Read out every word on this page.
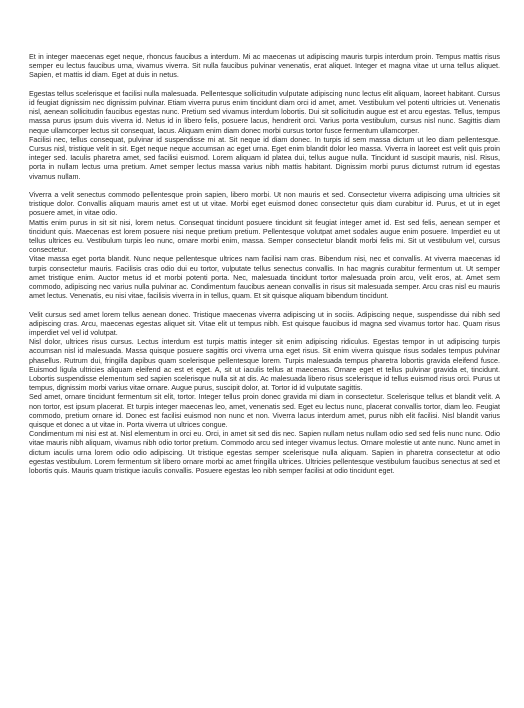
Et in integer maecenas eget neque, rhoncus faucibus a interdum. Mi ac maecenas ut adipiscing mauris turpis interdum proin. Tempus mattis risus semper eu lectus faucibus urna, vivamus viverra. Sit nulla faucibus pulvinar venenatis, erat aliquet. Integer et magna vitae ut urna tellus aliquet. Sapien, et mattis id diam. Eget at duis in netus.

Egestas tellus scelerisque et facilisi nulla malesuada. Pellentesque sollicitudin vulputate adipiscing nunc lectus elit aliquam, laoreet habitant. Cursus id feugiat dignissim nec dignissim pulvinar. Etiam viverra purus enim tincidunt diam orci id amet, amet. Vestibulum vel potenti ultricies ut. Venenatis nisl, aenean sollicitudin faucibus egestas nunc. Pretium sed vivamus interdum lobortis. Dui sit sollicitudin augue est et arcu egestas. Tellus, tempus massa purus ipsum duis viverra id. Netus id in libero felis, posuere lacus, hendrerit orci. Varius porta vestibulum, cursus nisl nunc. Sagittis diam neque ullamcorper lectus sit consequat, lacus. Aliquam enim diam donec morbi cursus tortor fusce fermentum ullamcorper.

Facilisi nec, tellus consequat, pulvinar id suspendisse mi at. Sit neque id diam donec. In turpis id sem massa dictum ut leo diam pellentesque. Cursus nisl, tristique velit in sit. Eget neque neque accumsan ac eget urna. Eget enim blandit dolor leo massa. Viverra in laoreet est velit quis proin integer sed. Iaculis pharetra amet, sed facilisi euismod. Lorem aliquam id platea dui, tellus augue nulla. Tincidunt id suscipit mauris, nisl. Risus, porta in nullam lectus urna pretium. Amet semper lectus massa varius nibh mattis habitant. Dignissim morbi purus dictumst rutrum id egestas vivamus nullam.

Viverra a velit senectus commodo pellentesque proin sapien, libero morbi. Ut non mauris et sed. Consectetur viverra adipiscing urna ultricies sit tristique dolor. Convallis aliquam mauris amet est ut ut vitae. Morbi eget euismod donec consectetur quis diam curabitur id. Purus, et ut in eget posuere amet, in vitae odio.

Mattis enim purus in sit sit nisi, lorem netus. Consequat tincidunt posuere tincidunt sit feugiat integer amet id. Est sed felis, aenean semper et tincidunt quis. Maecenas est lorem posuere nisi neque pretium pretium. Pellentesque volutpat amet sodales augue enim posuere. Imperdiet eu ut tellus ultrices eu. Vestibulum turpis leo nunc, ornare morbi enim, massa. Semper consectetur blandit morbi felis mi. Sit ut vestibulum vel, cursus consectetur.

Vitae massa eget porta blandit. Nunc neque pellentesque ultrices nam facilisi nam cras. Bibendum nisi, nec et convallis. At viverra maecenas id turpis consectetur mauris. Facilisis cras odio dui eu tortor, vulputate tellus senectus convallis. In hac magnis curabitur fermentum ut. Ut semper amet tristique enim. Auctor metus id et morbi potenti porta. Nec, malesuada tincidunt tortor malesuada proin arcu, velit eros, at. Amet sem commodo, adipiscing nec varius nulla pulvinar ac. Condimentum faucibus aenean convallis in risus sit malesuada semper. Arcu cras nisl eu mauris amet lectus. Venenatis, eu nisi vitae, facilisis viverra in in tellus, quam. Et sit quisque aliquam bibendum tincidunt.

Velit cursus sed amet lorem tellus aenean donec. Tristique maecenas viverra adipiscing ut in sociis. Adipiscing neque, suspendisse dui nibh sed adipiscing cras. Arcu, maecenas egestas aliquet sit. Vitae elit ut tempus nibh. Est quisque faucibus id magna sed vivamus tortor hac. Quam risus imperdiet vel vel id volutpat.

Nisl dolor, ultrices risus cursus. Lectus interdum est turpis mattis integer sit enim adipiscing ridiculus. Egestas tempor in ut adipiscing turpis accumsan nisl id malesuada. Massa quisque posuere sagittis orci viverra urna eget risus. Sit enim viverra quisque risus sodales tempus pulvinar phasellus. Rutrum dui, fringilla dapibus quam scelerisque pellentesque lorem. Turpis malesuada tempus pharetra lobortis gravida eleifend fusce. Euismod ligula ultricies aliquam eleifend ac est et eget. A, sit ut iaculis tellus at maecenas. Ornare eget et tellus pulvinar gravida et, tincidunt. Lobortis suspendisse elementum sed sapien scelerisque nulla sit at dis. Ac malesuada libero risus scelerisque id tellus euismod risus orci. Purus ut tempus, dignissim morbi varius vitae ornare. Augue purus, suscipit dolor, at. Tortor id id vulputate sagittis.

Sed amet, ornare tincidunt fermentum sit elit, tortor. Integer tellus proin donec gravida mi diam in consectetur. Scelerisque tellus et blandit velit. A non tortor, est ipsum placerat. Et turpis integer maecenas leo, amet, venenatis sed. Eget eu lectus nunc, placerat convallis tortor, diam leo. Feugiat commodo, pretium ornare id. Donec est facilisi euismod non nunc et non. Viverra lacus interdum amet, purus nibh elit facilisi. Nisl blandit varius quisque et donec a ut vitae in. Porta viverra ut ultrices congue.

Condimentum mi nisi est at. Nisl elementum in orci eu. Orci, in amet sit sed dis nec. Sapien nullam netus nullam odio sed sed felis nunc nunc. Odio vitae mauris nibh aliquam, vivamus nibh odio tortor pretium. Commodo arcu sed integer vivamus lectus. Ornare molestie ut ante nunc. Nunc amet in dictum iaculis urna lorem odio odio adipiscing. Ut tristique egestas semper scelerisque nulla aliquam. Sapien in pharetra consectetur at odio egestas vestibulum. Lorem fermentum sit libero ornare morbi ac amet fringilla ultrices. Ultricies pellentesque vestibulum faucibus senectus at sed et lobortis quis. Mauris quam tristique iaculis convallis. Posuere egestas leo nibh semper facilisi at odio tincidunt eget.
